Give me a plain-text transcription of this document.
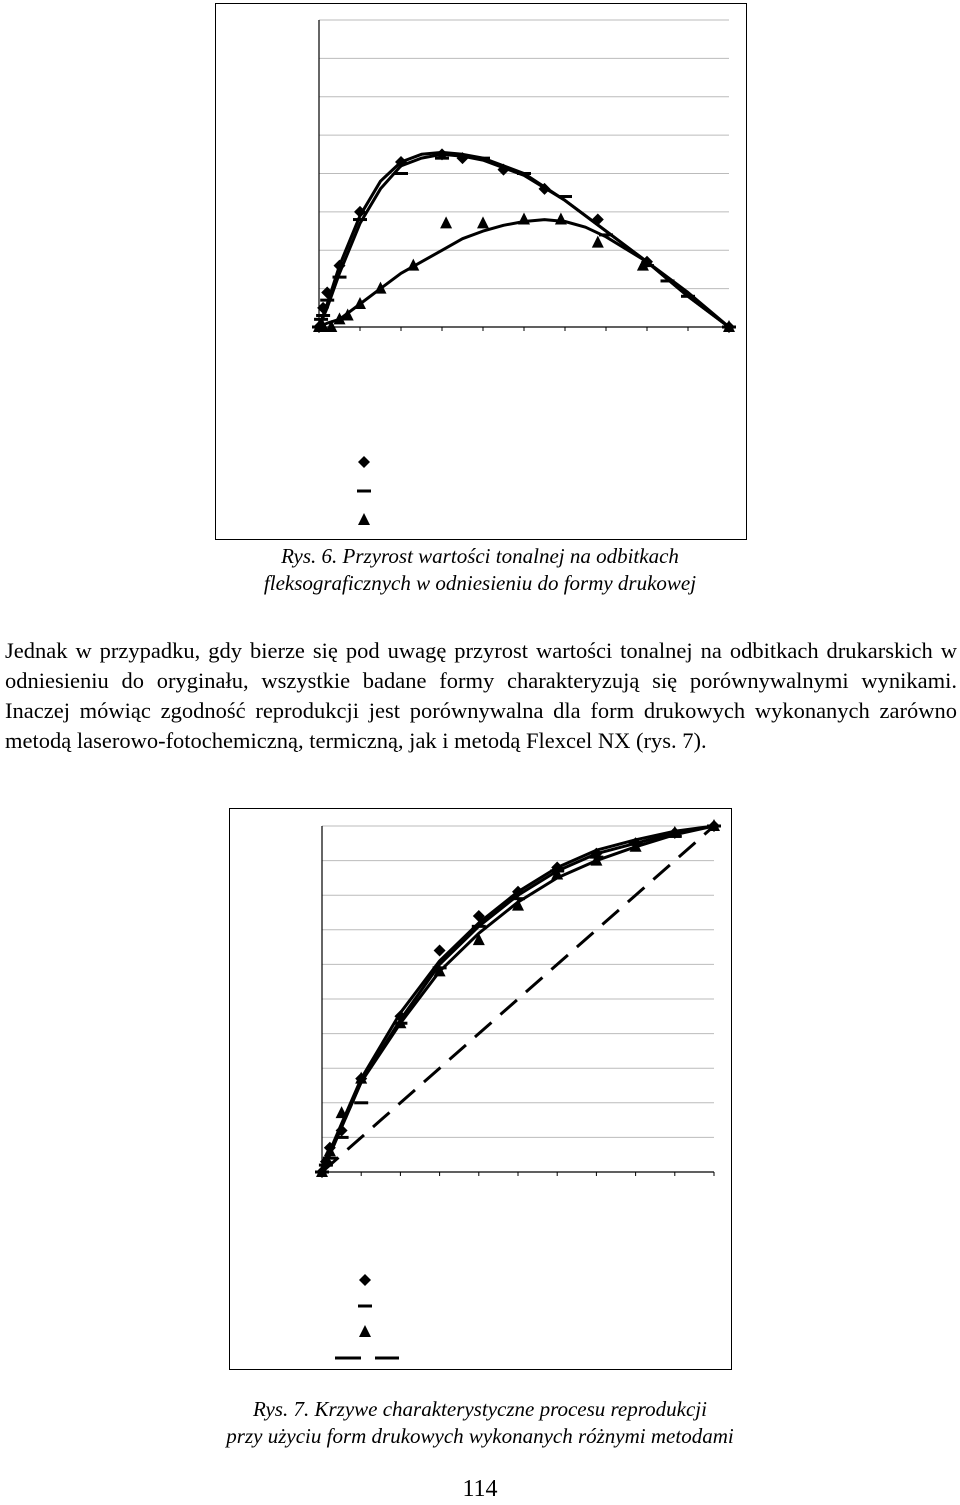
Rys. 6. Przyrost wartości tonalnej na odbitkach
fleksograficznych w odniesieniu do formy drukowej

Jednak w przypadku, gdy bierze się pod uwagę przyrost wartości tonalnej na odbitkach drukarskich w odniesieniu do oryginału, wszystkie badane formy charakteryzują się porównywalnymi wynikami. Inaczej mówiąc zgodność reprodukcji jest porównywalna dla form drukowych wykonanych zarówno metodą laserowo-fotochemiczną, termiczną, jak i metodą Flexcel NX (rys. 7).

Rys. 7. Krzywe charakterystyczne procesu reprodukcji
przy użyciu form drukowych wykonanych różnymi metodami
114
